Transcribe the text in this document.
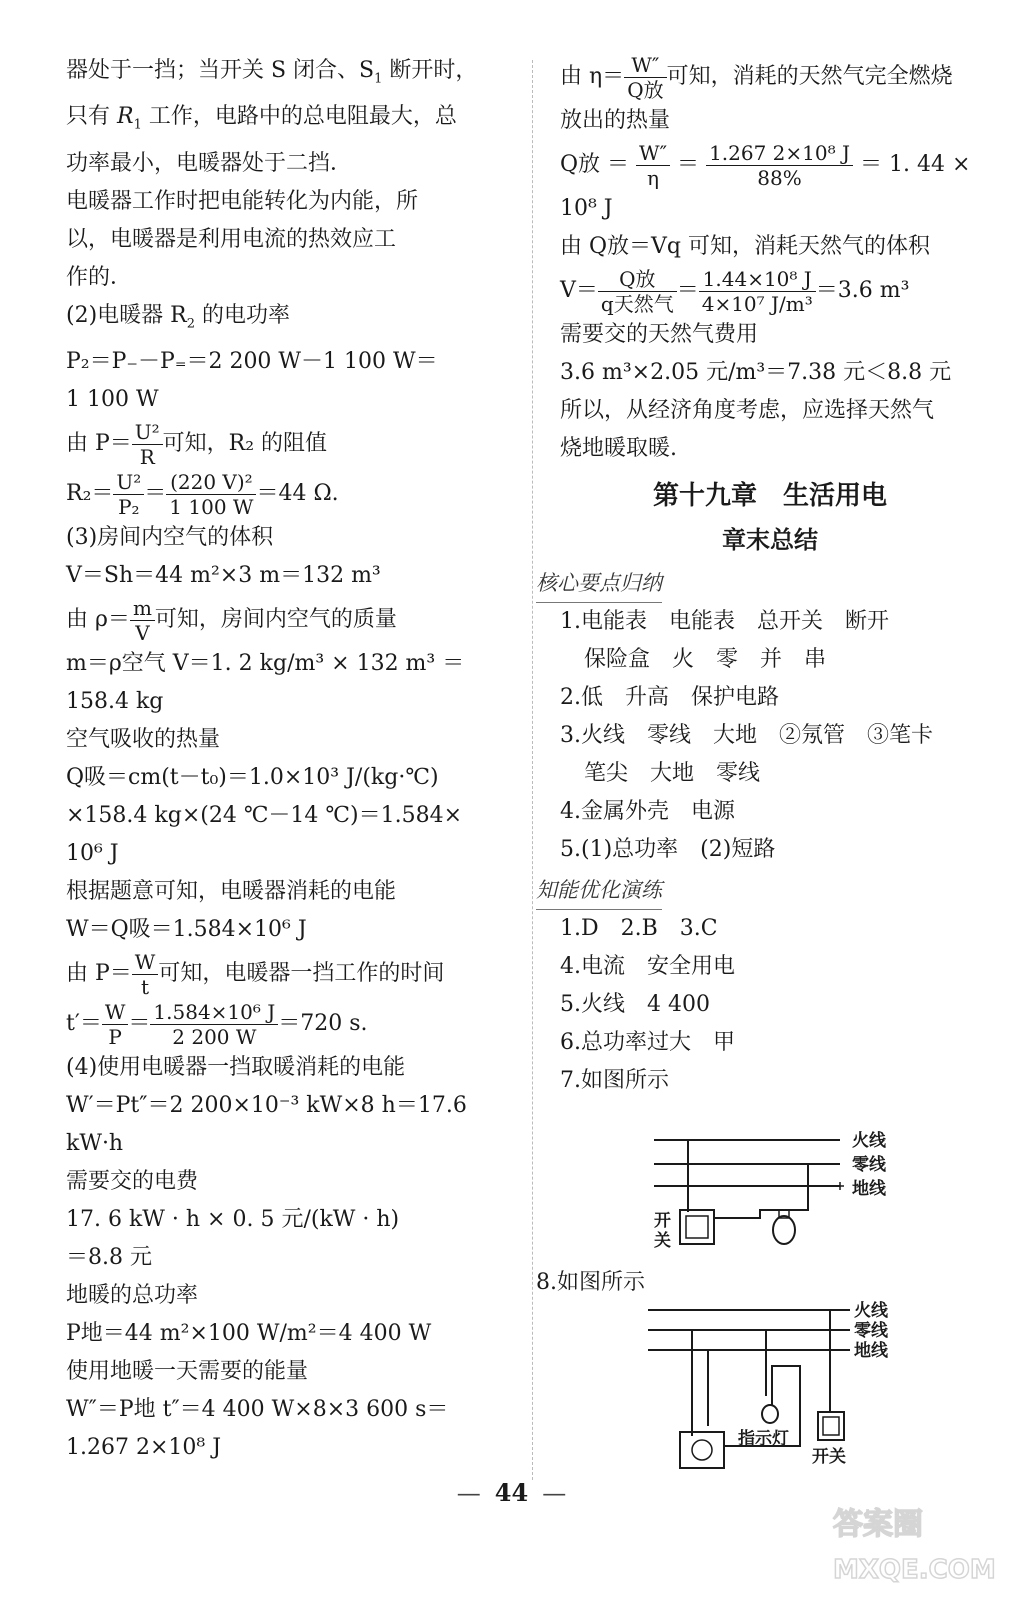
器处于一挡；当开关 S 闭合、$S_1$ 断开时，

只有 $R_1$ 工作，电路中的总电阻最大，总

功率最小，电暖器处于二挡．

电暖器工作时把电能转化为内能，所

以，电暖器是利用电流的热效应工

作的．

(2)电暖器 $R_2$ 的电功率

P₂＝P₋－P₌＝2 200 W－1 100 W＝

1 100 W

由 $P= \frac{\text{U²}}{R}$ 可知，R₂ 的阻值

$R_2= \frac{\text{U²}}{\text{P₂}} = \frac{\text{(220 V)²}}{1 100 W} =44$ Ω.

(3)房间内空气的体积

V＝Sh＝44 m²×3 m＝132 m³

由 $\rho= \frac{m}{V}$ 可知，房间内空气的质量

m＝ρ空气 V＝1. 2 kg/m³ × 132 m³ ＝

158.4 kg

空气吸收的热量

Q吸＝cm(t－t₀)＝1.0×10³ J/(kg·℃)

×158.4 kg×(24 ℃－14 ℃)＝1.584×

10⁶ J

根据题意可知，电暖器消耗的电能

W＝Q吸＝1.584×10⁶ J

由 $P= \frac{W}{t}$ 可知，电暖器一挡工作的时间

$t'= \frac{W}{P} = \frac{\text{1.584×10⁶ J}}{2 200 W} =720$ s.

(4)使用电暖器一挡取暖消耗的电能

W′＝Pt″＝2 200×10⁻³ kW×8 h＝17.6

kW·h

需要交的电费

17. 6 kW · h × 0. 5 元/(kW · h)

＝8.8 元

地暖的总功率

P地＝44 m²×100 W/m²＝4 400 W

使用地暖一天需要的能量

W″＝P地 t″＝4 400 W×8×3 600 s＝

1.267 2×10⁸ J

由 $\eta= \frac{W''}{\text{Q放}}$ 可知，消耗的天然气完全燃烧

放出的热量

Q放 ＝ $\frac{W''}{\eta} = \frac{\text{1.267 2×10⁸ J}}{88\%} = 1$. 44 ×

10⁸ J

由 Q放＝Vq 可知，消耗天然气的体积

$V= \frac{\text{Q放}}{\text{q天然气}} = \frac{\text{1.44×10⁸ J}}{\text{4×10⁷ J/m³}} =3.6$ m³

需要交的天然气费用

3.6 m³×2.05 元/m³＝7.38 元＜8.8 元

所以，从经济角度考虑，应选择天然气

烧地暖取暖.

第十九章　生活用电
章末总结
核心要点归纳

1.电能表　电能表　总开关　断开

保险盒　火　零　并　串

2.低　升高　保护电路

3.火线　零线　大地　②氖管　③笔卡

笔尖　大地　零线

4.金属外壳　电源

5.(1)总功率　(2)短路

知能优化演练

1.D　2.B　3.C

4.电流　安全用电

5.火线　4 400

6.总功率过大　甲

7.如图所示

火线
零线
地线
开
关

8.如图所示

火线
零线
地线
指示灯
开关
— 44 —
答案圈
MXQE.COM
